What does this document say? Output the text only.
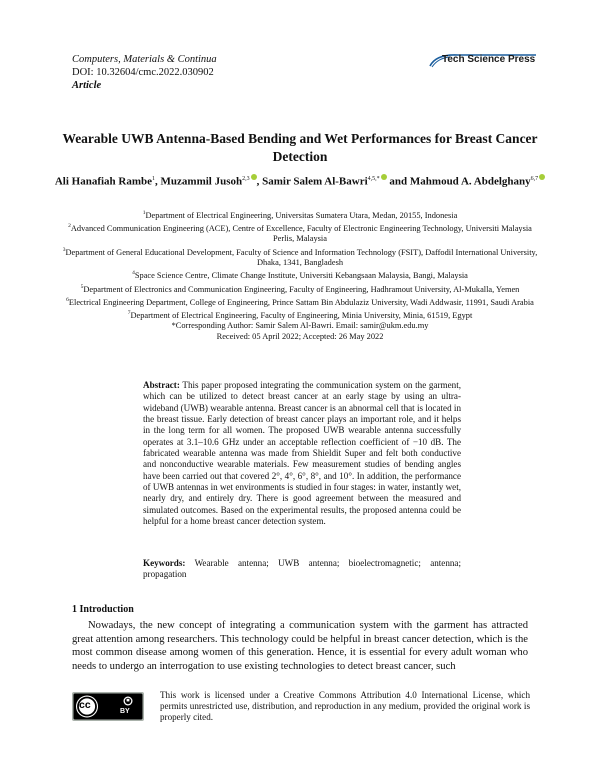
Computers, Materials & Continua
DOI: 10.32604/cmc.2022.030902
Article
Tech Science Press
Wearable UWB Antenna-Based Bending and Wet Performances for Breast Cancer Detection
Ali Hanafiah Rambe$^1$, Muzammil Jusoh$^{2,3}$ , Samir Salem Al-Bawri$^{4,5,*}$ and Mahmoud A. Abdelghany$^{6,7}$
$^1$Department of Electrical Engineering, Universitas Sumatera Utara, Medan, 20155, Indonesia
$^2$Advanced Communication Engineering (ACE), Centre of Excellence, Faculty of Electronic Engineering Technology, Universiti Malaysia Perlis, Malaysia
$^3$Department of General Educational Development, Faculty of Science and Information Technology (FSIT), Daffodil International University, Dhaka, 1341, Bangladesh
$^4$Space Science Centre, Climate Change Institute, Universiti Kebangsaan Malaysia, Bangi, Malaysia
$^5$Department of Electronics and Communication Engineering, Faculty of Engineering, Hadhramout University, Al-Mukalla, Yemen
$^6$Electrical Engineering Department, College of Engineering, Prince Sattam Bin Abdulaziz University, Wadi Addwasir, 11991, Saudi Arabia
$^7$Department of Electrical Engineering, Faculty of Engineering, Minia University, Minia, 61519, Egypt
*Corresponding Author: Samir Salem Al-Bawri. Email: samir@ukm.edu.my
Received: 05 April 2022; Accepted: 26 May 2022
Abstract: This paper proposed integrating the communication system on the garment, which can be utilized to detect breast cancer at an early stage by using an ultra-wideband (UWB) wearable antenna. Breast cancer is an abnormal cell that is located in the breast tissue. Early detection of breast cancer plays an important role, and it helps in the long term for all women. The proposed UWB wearable antenna successfully operates at 3.1–10.6 GHz under an acceptable reflection coefficient of −10 dB. The fabricated wearable antenna was made from Shieldit Super and felt both conductive and nonconductive wearable materials. Few measurement studies of bending angles have been carried out that covered 2°, 4°, 6°, 8°, and 10°. In addition, the performance of UWB antennas in wet environments is studied in four stages: in water, instantly wet, nearly dry, and entirely dry. There is good agreement between the measured and simulated outcomes. Based on the experimental results, the proposed antenna could be helpful for a home breast cancer detection system.
Keywords: Wearable antenna; UWB antenna; bioelectromagnetic; antenna; propagation
1 Introduction
Nowadays, the new concept of integrating a communication system with the garment has attracted great attention among researchers. This technology could be helpful in breast cancer detection, which is the most common disease among women of this generation. Hence, it is essential for every adult woman who needs to undergo an interrogation to use existing technologies to detect breast cancer, such
cc
BY
This work is licensed under a Creative Commons Attribution 4.0 International License, which permits unrestricted use, distribution, and reproduction in any medium, provided the original work is properly cited.
